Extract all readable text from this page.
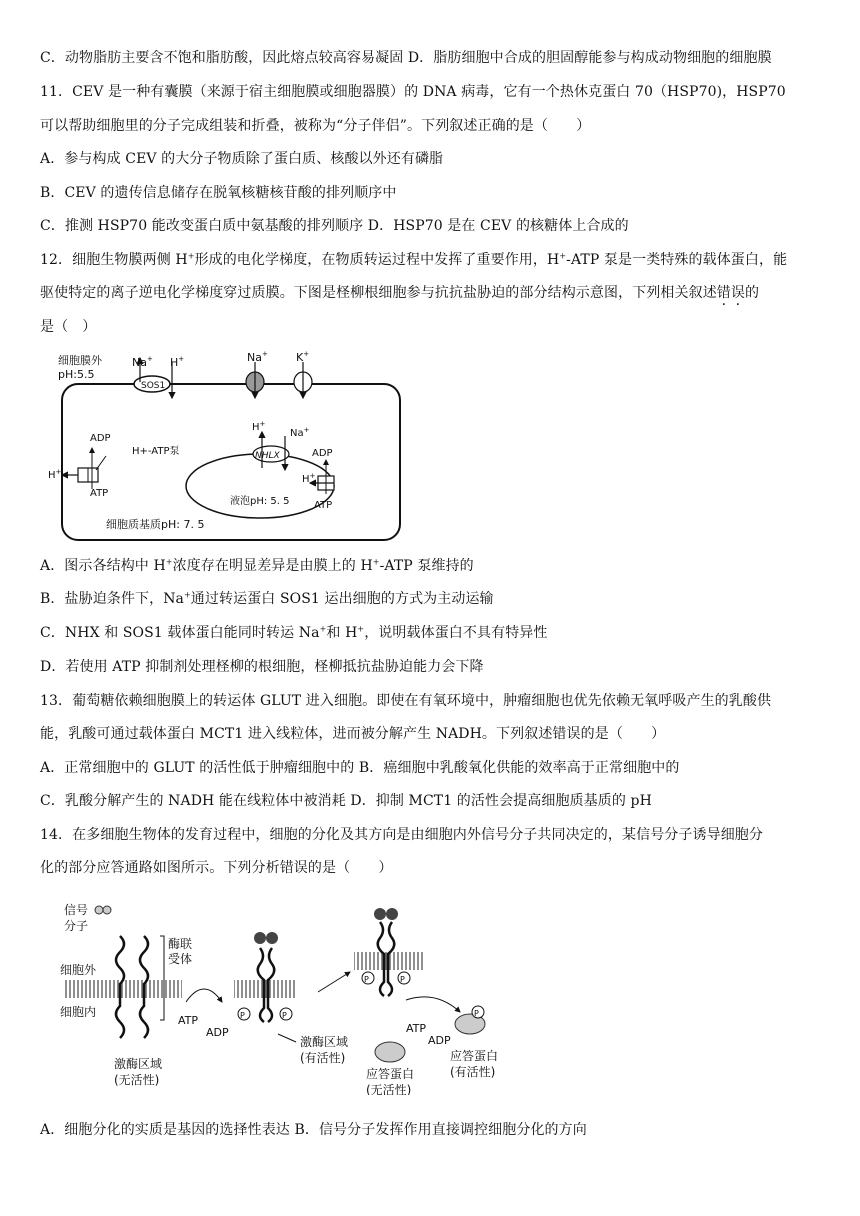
C．动物脂肪主要含不饱和脂肪酸，因此熔点较高容易凝固 D．脂肪细胞中合成的胆固醇能参与构成动物细胞的细胞膜
11．CEV 是一种有囊膜（来源于宿主细胞膜或细胞器膜）的 DNA 病毒，它有一个热休克蛋白 70（HSP70)，HSP70
可以帮助细胞里的分子完成组装和折叠，被称为“分子伴侣”。下列叙述正确的是（　　）
A．参与构成 CEV 的大分子物质除了蛋白质、核酸以外还有磷脂
B．CEV 的遗传信息储存在脱氧核糖核苷酸的排列顺序中
C．推测 HSP70 能改变蛋白质中氨基酸的排列顺序 D．HSP70 是在 CEV 的核糖体上合成的
12．细胞生物膜两侧 H+形成的电化学梯度，在物质转运过程中发挥了重要作用，H+-ATP 泵是一类特殊的载体蛋白，能
驱使特定的离子逆电化学梯度穿过质膜。下图是柽柳根细胞参与抗抗盐胁迫的部分结构示意图，下列相关叙述错误的
是（　）
细胞膜外
pH:5.5
SOS1
Na+ H+	Na+	K+
ADP
ATP
H+
H+-ATP泵
液泡pH: 5. 5
NHLX
H+
Na+
ADP
ATP
H+
细胞质基质pH: 7. 5
A．图示各结构中 H+浓度存在明显差异是由膜上的 H+-ATP 泵维持的
B．盐胁迫条件下，Na+通过转运蛋白 SOS1 运出细胞的方式为主动运输
C．NHX 和 SOS1 载体蛋白能同时转运 Na+和 H+，说明载体蛋白不具有特异性
D．若使用 ATP 抑制剂处理柽柳的根细胞，柽柳抵抗盐胁迫能力会下降
13．葡萄糖依赖细胞膜上的转运体 GLUT 进入细胞。即使在有氧环境中，肿瘤细胞也优先依赖无氧呼吸产生的乳酸供
能，乳酸可通过载体蛋白 MCT1 进入线粒体，进而被分解产生 NADH。下列叙述错误的是（　　）
A．正常细胞中的 GLUT 的活性低于肿瘤细胞中的 B．癌细胞中乳酸氧化供能的效率高于正常细胞中的
C．乳酸分解产生的 NADH 能在线粒体中被消耗 D．抑制 MCT1 的活性会提高细胞质基质的 pH
14．在多细胞生物体的发育过程中，细胞的分化及其方向是由细胞内外信号分子共同决定的，某信号分子诱导细胞分
化的部分应答通路如图所示。下列分析错误的是（　　）
信号
分子
细胞外
细胞内
酶联
受体
激酶区域
(无活性)
ATP
ADP
P	P
激酶区域
(有活性)
P	P
P
ATP
ADP
应答蛋白
(无活性)
应答蛋白
(有活性)
A．细胞分化的实质是基因的选择性表达 B．信号分子发挥作用直接调控细胞分化的方向
